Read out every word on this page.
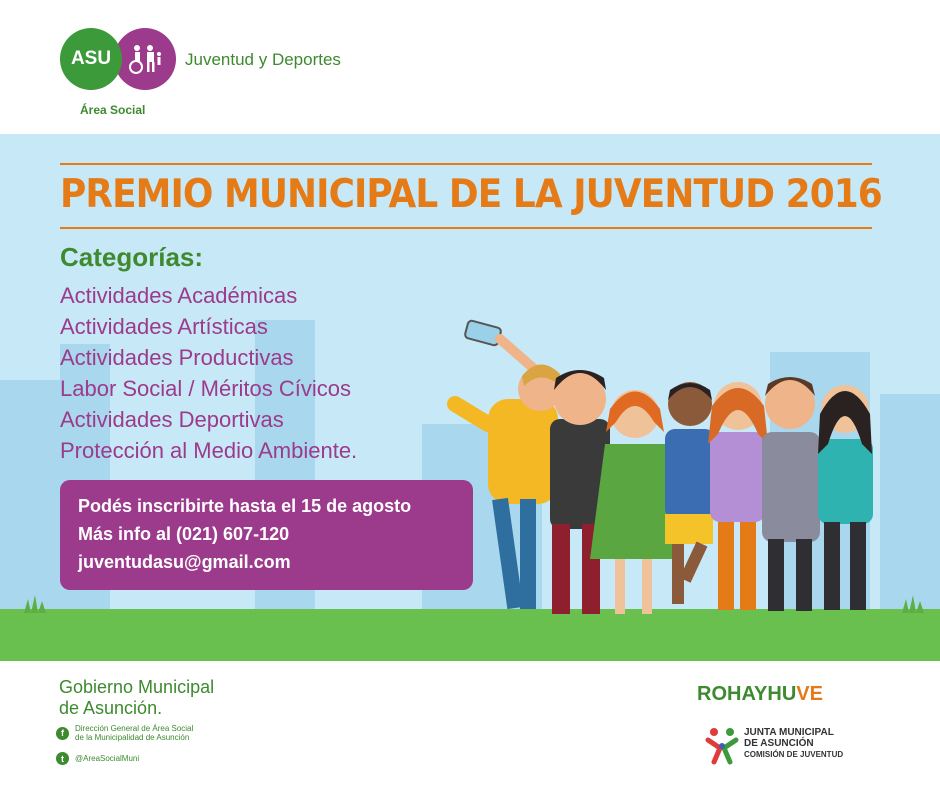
ASU	Juventud y Deportes
Área Social
PREMIO MUNICIPAL DE LA JUVENTUD 2016
Categorías:
Actividades Académicas
Actividades Artísticas
Actividades Productivas
Labor Social / Méritos Cívicos
Actividades Deportivas
Protección al Medio Ambiente.
Podés inscribirte hasta el 15 de agosto
Más info al (021) 607-120
juventudasu@gmail.com
Gobierno Municipal
de Asunción.
f	Dirección General de Área Social
de la Municipalidad de Asunción
t	@AreaSocialMuni
ROHAYHUVE
JUNTA MUNICIPAL
DE ASUNCIÓN
COMISIÓN DE JUVENTUD
